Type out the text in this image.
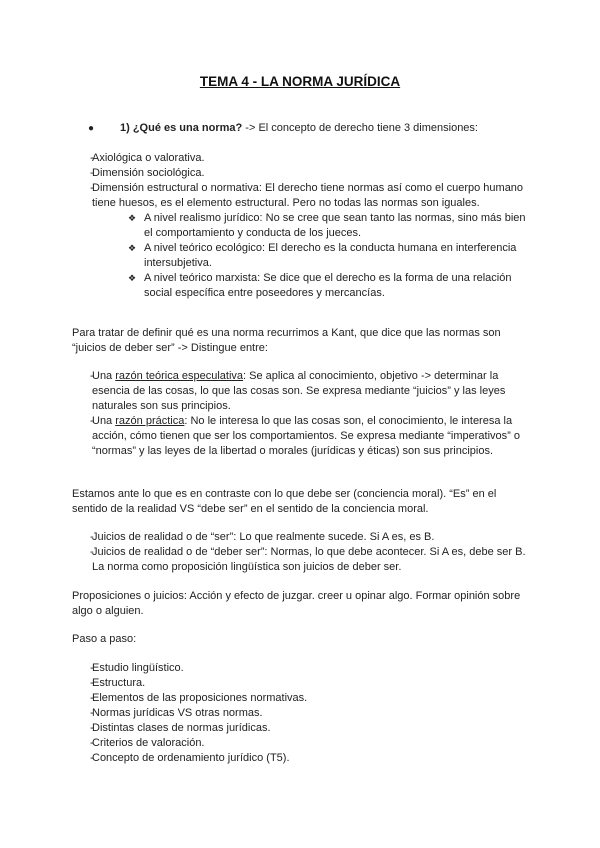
TEMA 4 - LA NORMA JURÍDICA
● 1) ¿Qué es una norma? -> El concepto de derecho tiene 3 dimensiones:
- Axiológica o valorativa.
- Dimensión sociológica.
- Dimensión estructural o normativa: El derecho tiene normas así como el cuerpo humano tiene huesos, es el elemento estructural. Pero no todas las normas son iguales.
❖ A nivel realismo jurídico: No se cree que sean tanto las normas, sino más bien el comportamiento y conducta de los jueces.
❖ A nivel teórico ecológico: El derecho es la conducta humana en interferencia intersubjetiva.
❖ A nivel teórico marxista: Se dice que el derecho es la forma de una relación social específica entre poseedores y mercancías.

Para tratar de definir qué es una norma recurrimos a Kant, que dice que las normas son “juicios de deber ser” -> Distingue entre:

- Una razón teórica especulativa: Se aplica al conocimiento, objetivo -> determinar la esencia de las cosas, lo que las cosas son. Se expresa mediante “juicios” y las leyes naturales son sus principios.
- Una razón práctica: No le interesa lo que las cosas son, el conocimiento, le interesa la acción, cómo tienen que ser los comportamientos. Se expresa mediante “imperativos” o “normas” y las leyes de la libertad o morales (jurídicas y éticas) son sus principios.

Estamos ante lo que es en contraste con lo que debe ser (conciencia moral). “Es” en el sentido de la realidad VS “debe ser” en el sentido de la conciencia moral.

- Juicios de realidad o de “ser”: Lo que realmente sucede. Si A es, es B.
- Juicios de realidad o de “deber ser”: Normas, lo que debe acontecer. Si A es, debe ser B. La norma como proposición lingüística son juicios de deber ser.

Proposiciones o juicios: Acción y efecto de juzgar. creer u opinar algo. Formar opinión sobre algo o alguien.

Paso a paso:

- Estudio lingüístico.
- Estructura.
- Elementos de las proposiciones normativas.
- Normas jurídicas VS otras normas.
- Distintas clases de normas jurídicas.
- Criterios de valoración.
- Concepto de ordenamiento jurídico (T5).
